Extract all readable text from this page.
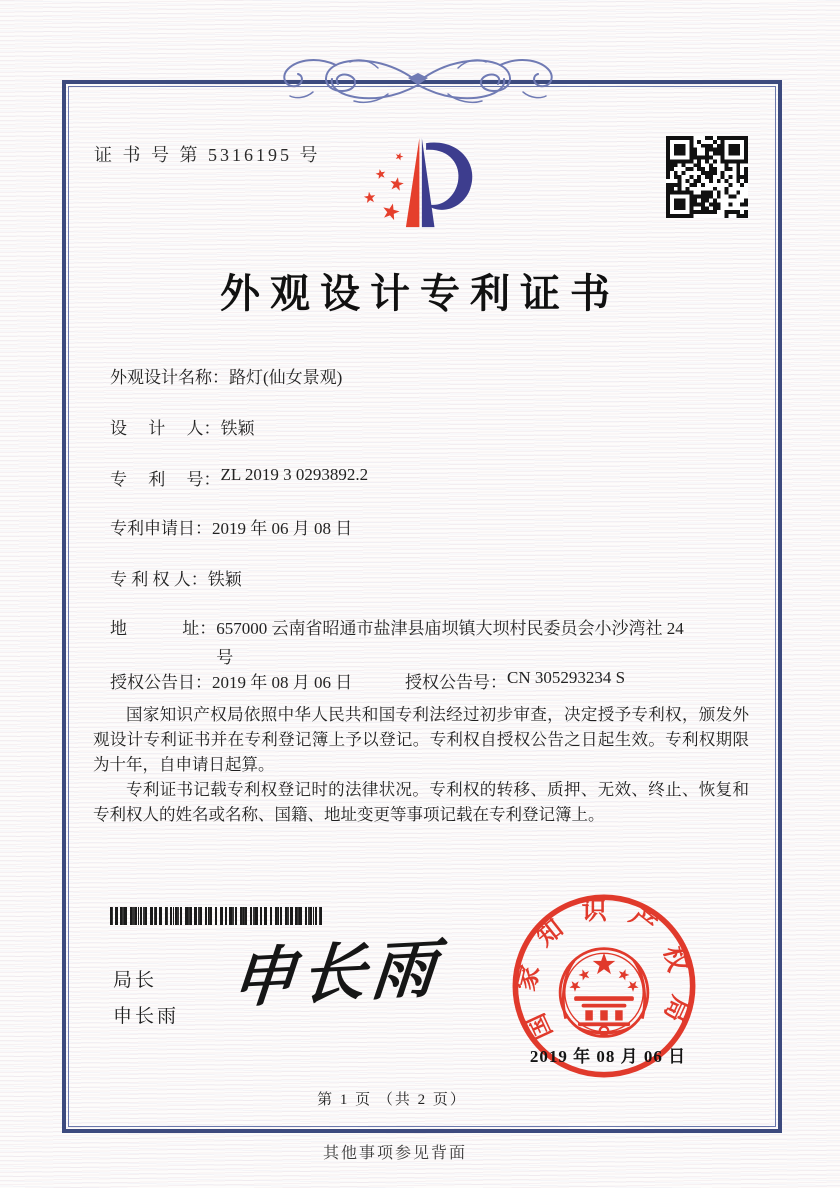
证 书 号 第 5316195 号
外观设计专利证书
外观设计名称： 路灯(仙女景观)
设　 计 　人： 铁颖
专　 利 　号： ZL 2019 3 0293892.2
专利申请日： 2019 年 06 月 08 日
专 利 权 人： 铁颖
地　　　 址： 657000 云南省昭通市盐津县庙坝镇大坝村民委员会小沙湾社 24 号
授权公告日： 2019 年 08 月 06 日	授权公告号： CN 305293234 S

国家知识产权局依照中华人民共和国专利法经过初步审查，决定授予专利权，颁发外观设计专利证书并在专利登记簿上予以登记。专利权自授权公告之日起生效。专利权期限为十年，自申请日起算。

专利证书记载专利权登记时的法律状况。专利权的转移、质押、无效、终止、恢复和专利权人的姓名或名称、国籍、地址变更等事项记载在专利登记簿上。

局长
申长雨
申长雨
国家知识产权局
2019 年 08 月 06 日
第 1 页 （共 2 页）
其他事项参见背面
